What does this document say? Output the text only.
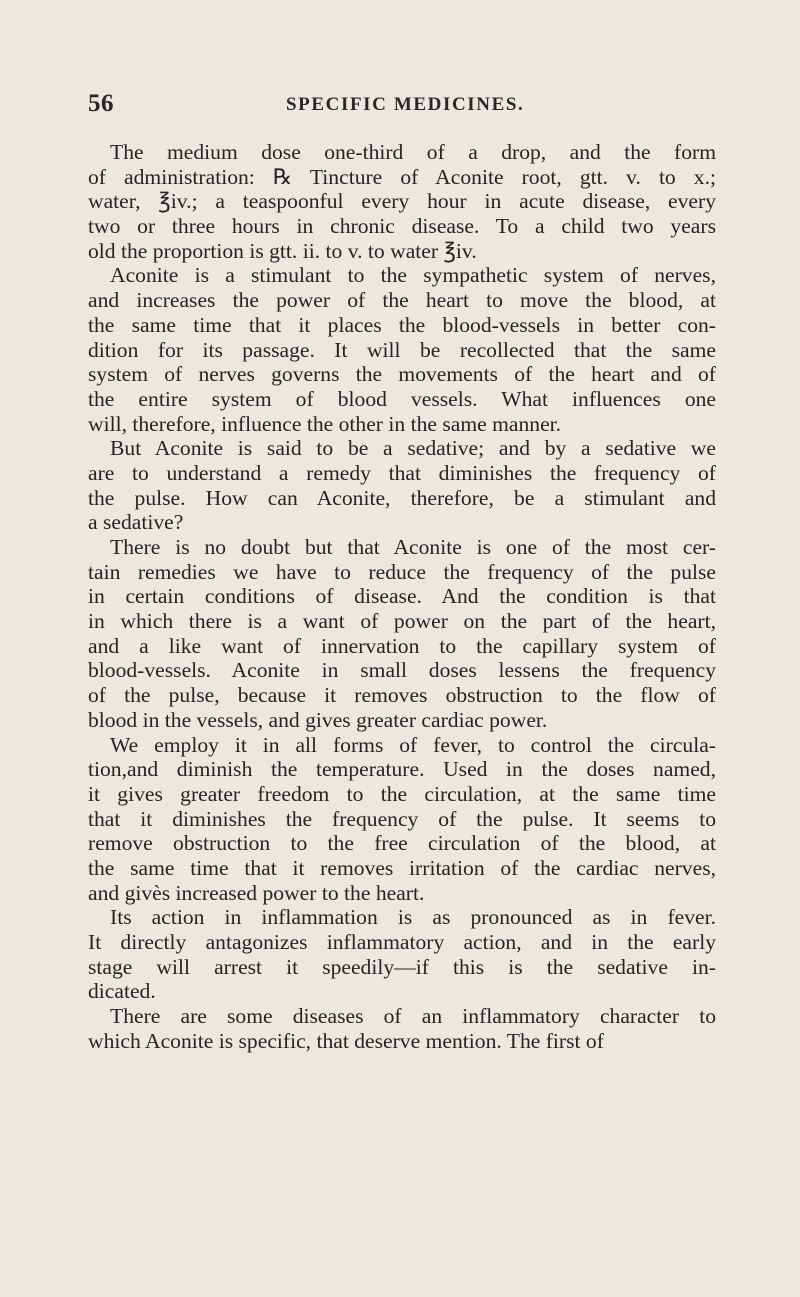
56	SPECIFIC MEDICINES.
The medium dose one-third of a drop, and the form
of administration: ℞ Tincture of Aconite root, gtt. v. to x.;
water, ℥iv.; a teaspoonful every hour in acute disease, every
two or three hours in chronic disease. To a child two years
old the proportion is gtt. ii. to v. to water ℥iv.
Aconite is a stimulant to the sympathetic system of nerves,
and increases the power of the heart to move the blood, at
the same time that it places the blood-vessels in better con-
dition for its passage. It will be recollected that the same
system of nerves governs the movements of the heart and of
the entire system of blood vessels. What influences one
will, therefore, influence the other in the same manner.
But Aconite is said to be a sedative; and by a sedative we
are to understand a remedy that diminishes the frequency of
the pulse. How can Aconite, therefore, be a stimulant and
a sedative?
There is no doubt but that Aconite is one of the most cer-
tain remedies we have to reduce the frequency of the pulse
in certain conditions of disease. And the condition is that
in which there is a want of power on the part of the heart,
and a like want of innervation to the capillary system of
blood-vessels. Aconite in small doses lessens the frequency
of the pulse, because it removes obstruction to the flow of
blood in the vessels, and gives greater cardiac power.
We employ it in all forms of fever, to control the circula-
tion,and diminish the temperature. Used in the doses named,
it gives greater freedom to the circulation, at the same time
that it diminishes the frequency of the pulse. It seems to
remove obstruction to the free circulation of the blood, at
the same time that it removes irritation of the cardiac nerves,
and givès increased power to the heart.
Its action in inflammation is as pronounced as in fever.
It directly antagonizes inflammatory action, and in the early
stage will arrest it speedily—if this is the sedative in-
dicated.
There are some diseases of an inflammatory character to
which Aconite is specific, that deserve mention. The first of
